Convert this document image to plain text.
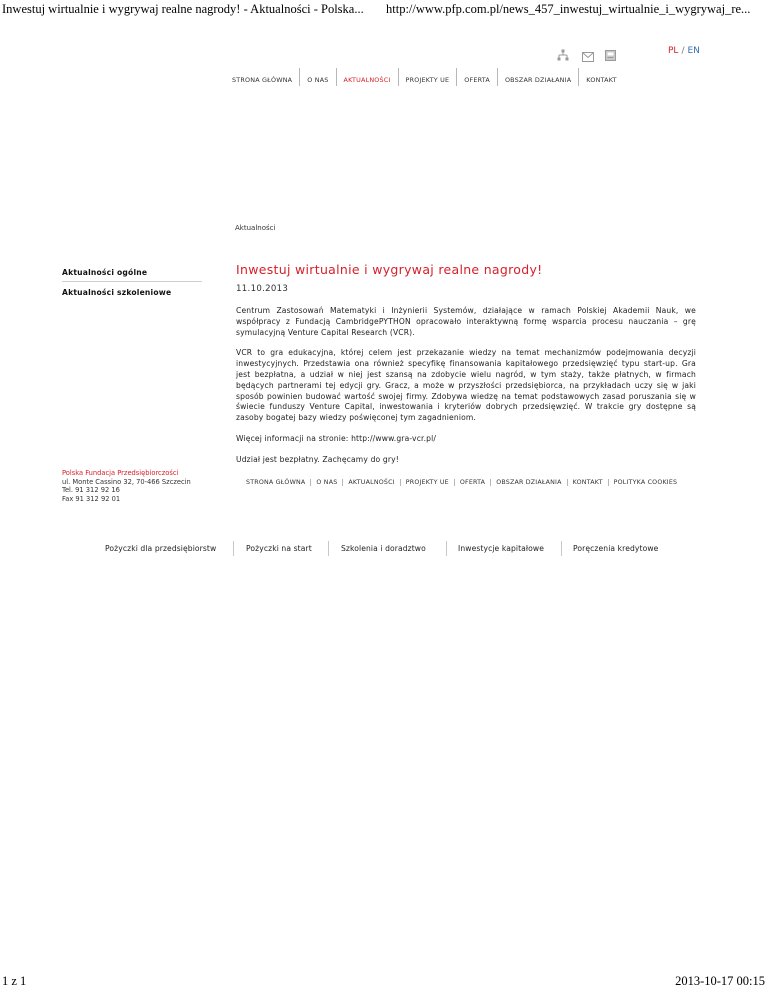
Inwestuj wirtualnie i wygrywaj realne nagrody! - Aktualności - Polska... http://www.pfp.com.pl/news_457_inwestuj_wirtualnie_i_wygrywaj_re...
PL / EN
STRONA GŁÓWNA	O NAS	AKTUALNOŚCI	PROJEKTY UE	OFERTA	OBSZAR DZIAŁANIA	KONTAKT
Aktualności
Aktualności ogólne
Aktualności szkoleniowe
Inwestuj wirtualnie i wygrywaj realne nagrody!
11.10.2013

Centrum Zastosowań Matematyki i Inżynierii Systemów, działające w ramach Polskiej Akademii Nauk, we współpracy z Fundacją CambridgePYTHON opracowało interaktywną formę wsparcia procesu nauczania – grę symulacyjną Venture Capital Research (VCR).

VCR to gra edukacyjna, której celem jest przekazanie wiedzy na temat mechanizmów podejmowania decyzji inwestycyjnych. Przedstawia ona również specyfikę finansowania kapitałowego przedsięwzięć typu start-up. Gra jest bezpłatna, a udział w niej jest szansą na zdobycie wielu nagród, w tym staży, także płatnych, w firmach będących partnerami tej edycji gry. Gracz, a może w przyszłości przedsiębiorca, na przykładach uczy się w jaki sposób powinien budować wartość swojej firmy. Zdobywa wiedzę na temat podstawowych zasad poruszania się w świecie funduszy Venture Capital, inwestowania i kryteriów dobrych przedsięwzięć. W trakcie gry dostępne są zasoby bogatej bazy wiedzy poświęconej tym zagadnieniom.

Więcej informacji na stronie: http://www.gra-vcr.pl/

Udział jest bezpłatny. Zachęcamy do gry!

Polska Fundacja Przedsiębiorczości
ul. Monte Cassino 32, 70-466 Szczecin
Tel. 91 312 92 16
Fax 91 312 92 01
STRONA GŁÓWNA	O NAS	AKTUALNOŚCI	PROJEKTY UE	OFERTA	OBSZAR DZIAŁANIA	KONTAKT	POLITYKA COOKIES
Pożyczki dla przedsiębiorstw	Pożyczki na start	Szkolenia i doradztwo	Inwestycje kapitałowe	Poręczenia kredytowe
1 z 1	2013-10-17 00:15
